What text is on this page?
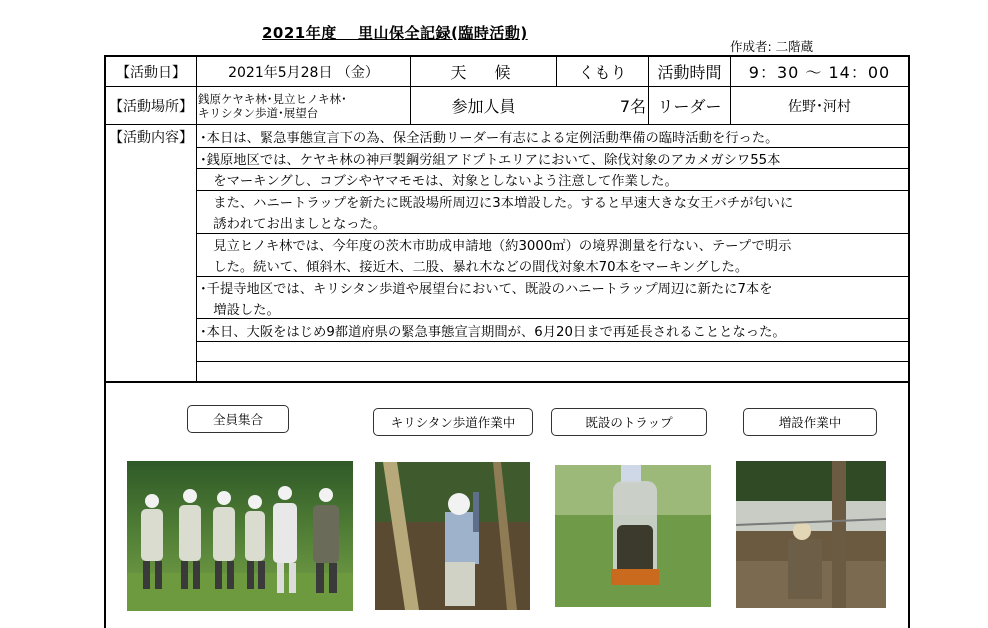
2021年度　 里山保全記録(臨時活動)
作成者: 二階蔵
【活動日】	2021年5月28日 （金）	天　候	くもり	活動時間	9：30 ～ 14：00
【活動場所】 銭原ケヤキ林･見立ヒノキ林･
キリシタン歩道･展望台	参加人員	7名 リーダー	佐野･河村
【活動内容】 ･本日は、緊急事態宣言下の為、保全活動リーダー有志による定例活動準備の臨時活動を行った。
･銭原地区では、ケヤキ林の神戸製鋼労組アドプトエリアにおいて、除伐対象のアカメガシワ55本
　をマーキングし、コブシやヤマモモは、対象としないよう注意して作業した。
　また、ハニートラップを新たに既設場所周辺に3本増設した。すると早速大きな女王バチが匂いに
　誘われてお出ましとなった。
　見立ヒノキ林では、今年度の茨木市助成申請地（約3000㎡）の境界測量を行ない、テープで明示
　した。続いて、傾斜木、接近木、二股、暴れ木などの間伐対象木70本をマーキングした。
･千提寺地区では、キリシタン歩道や展望台において、既設のハニートラップ周辺に新たに7本を
　増設した。
･本日、大阪をはじめ9都道府県の緊急事態宣言期間が、6月20日まで再延長されることとなった。
全員集合	キリシタン歩道作業中	既設のトラップ	増設作業中
